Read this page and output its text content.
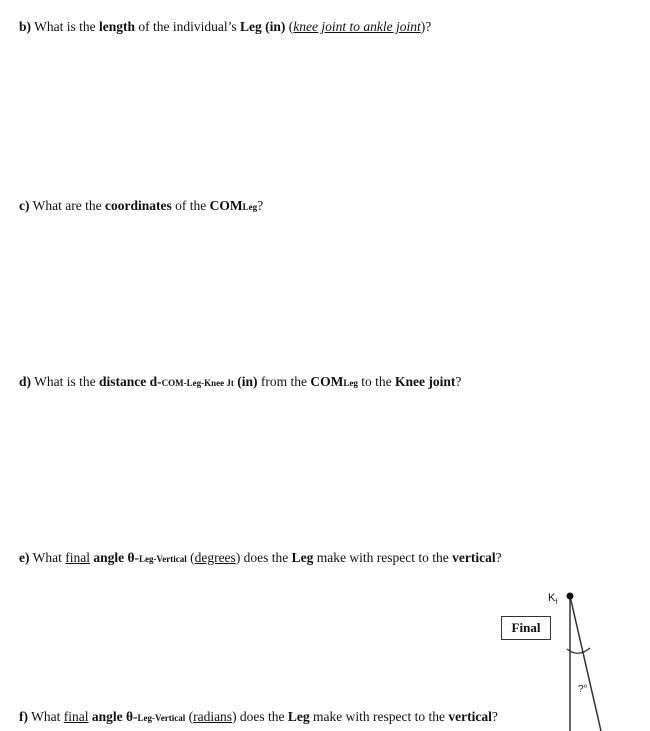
b) What is the length of the individual’s Leg (in) (knee joint to ankle joint)?
c) What are the coordinates of the COMLeg?
d) What is the distance d-COM-Leg-Knee Jt (in) from the COMLeg to the Knee joint?
e) What final angle θ-Leg-Vertical (degrees) does the Leg make with respect to the vertical?
f) What final angle θ-Leg-Vertical (radians) does the Leg make with respect to the vertical?
$K_f$
Final
?°
